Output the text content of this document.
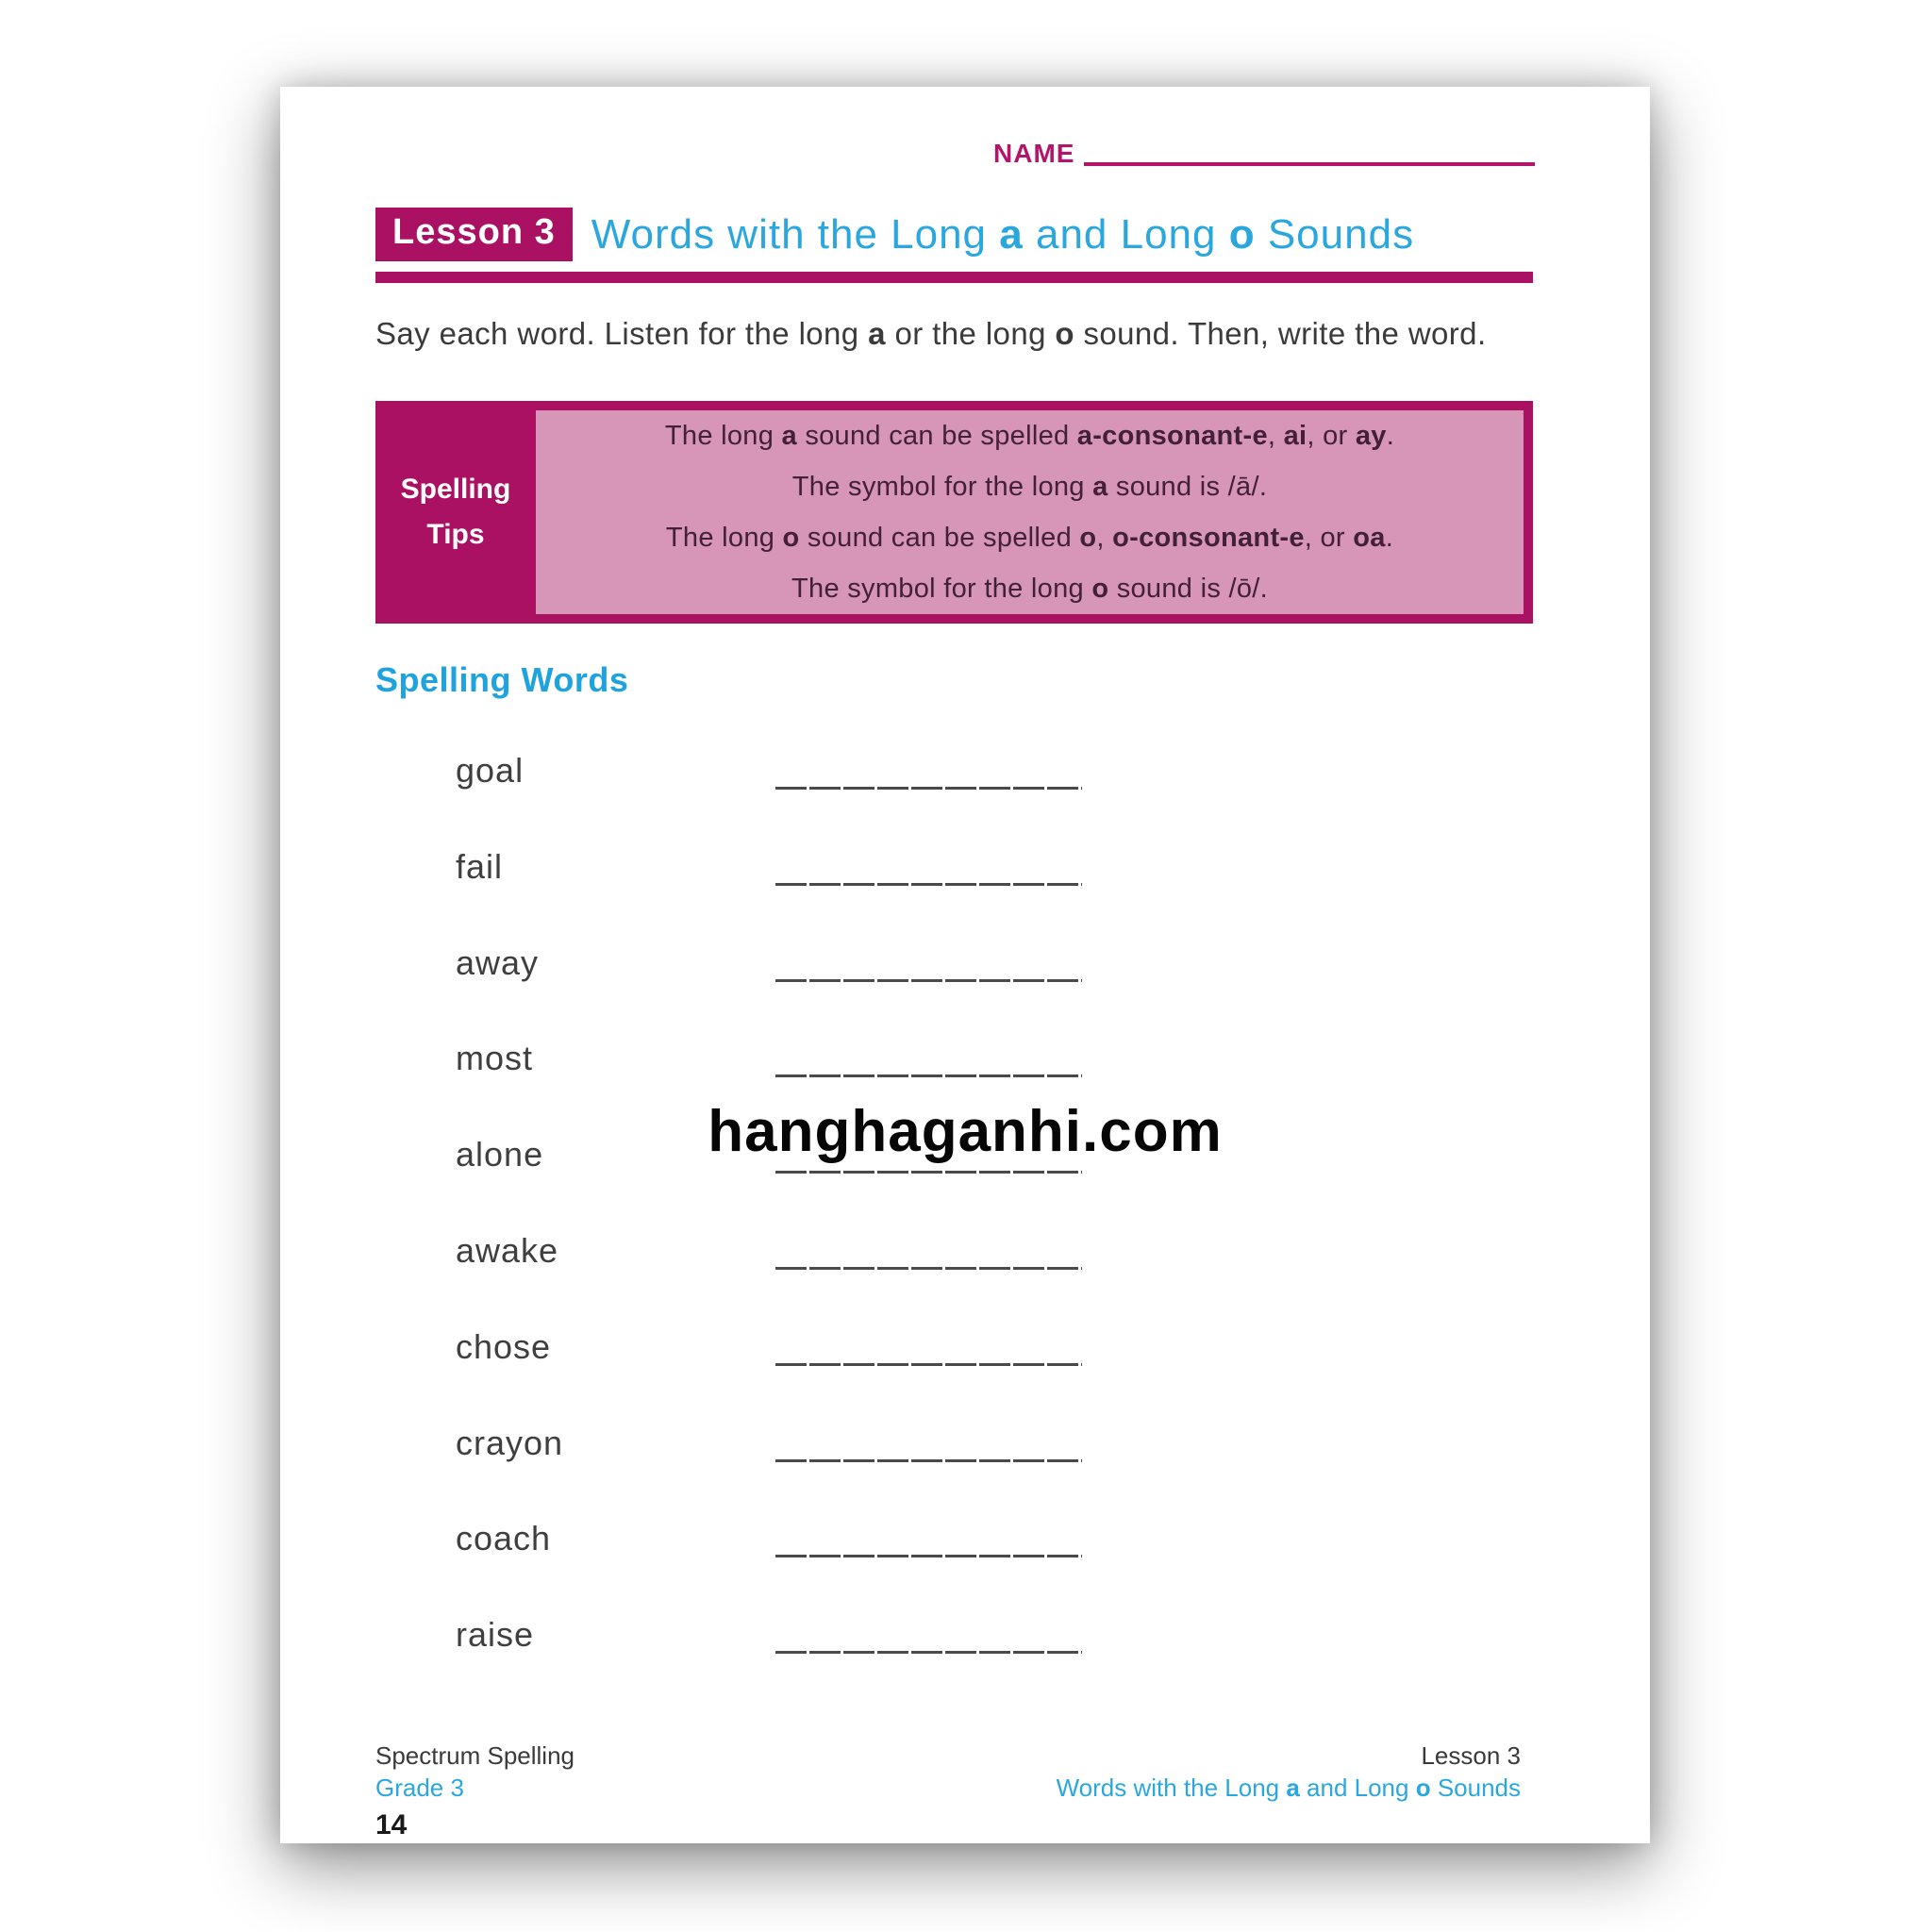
NAME
Lesson 3 Words with the Long a and Long o Sounds
Say each word. Listen for the long a or the long o sound. Then, write the word.
Spelling
Tips
The long a sound can be spelled a-consonant-e, ai, or ay.
The symbol for the long a sound is /ā/.
The long o sound can be spelled o, o-consonant-e, or oa.
The symbol for the long o sound is /ō/.
Spelling Words
goal
fail
away
most
alone
awake
chose
crayon
coach
raise
hanghaganhi.com
Spectrum Spelling
Grade 3
14
Lesson 3
Words with the Long a and Long o Sounds
